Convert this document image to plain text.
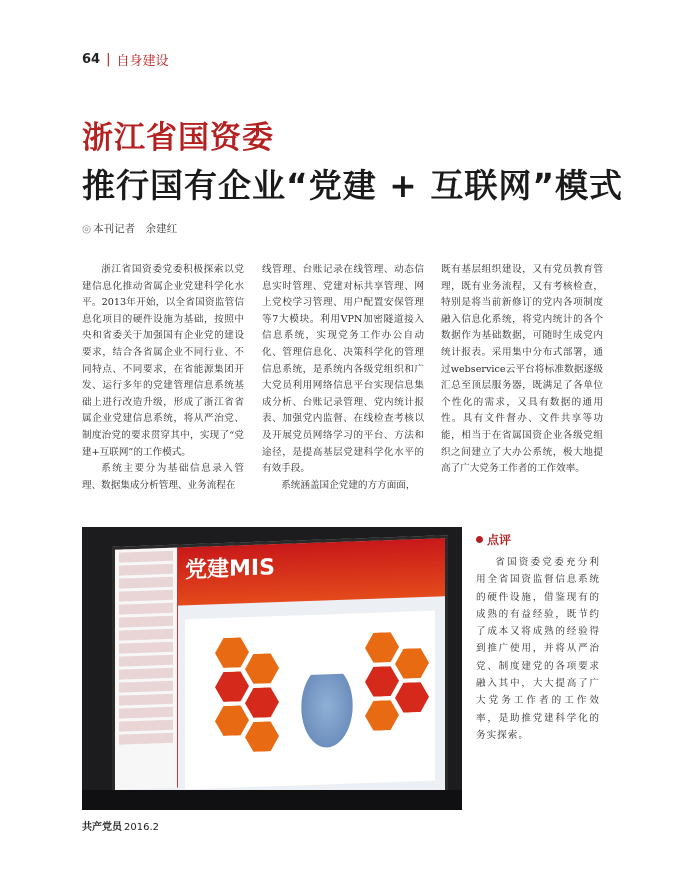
64 | 自身建设
浙江省国资委
推行国有企业“党建 + 互联网”模式
◎ 本刊记者　余建红

浙江省国资委党委积极探索以党建信息化推动省属企业党建科学化水平。2013年开始，以全省国资监管信息化项目的硬件设施为基础，按照中央和省委关于加强国有企业党的建设要求，结合各省属企业不同行业、不同特点、不同要求，在省能源集团开发、运行多年的党建管理信息系统基础上进行改造升级，形成了浙江省省属企业党建信息系统，将从严治党、制度治党的要求贯穿其中，实现了“党建+互联网”的工作模式。

系统主要分为基础信息录入管理、数据集成分析管理、业务流程在

线管理、台账记录在线管理、动态信息实时管理、党建对标共享管理、网上党校学习管理、用户配置安保管理等7大模块。利用VPN加密隧道接入信息系统，实现党务工作办公自动化、管理信息化、决策科学化的管理信息系统，是系统内各级党组织和广大党员利用网络信息平台实现信息集成分析、台账记录管理、党内统计报表、加强党内监督、在线检查考核以及开展党员网络学习的平台、方法和途径，是提高基层党建科学化水平的有效手段。

系统涵盖国企党建的方方面面，

既有基层组织建设，又有党员教育管理，既有业务流程，又有考核检查，特别是将当前新修订的党内各项制度融入信息化系统，将党内统计的各个数据作为基础数据，可随时生成党内统计报表。采用集中分布式部署，通过webservice云平台将标准数据逐级汇总至顶层服务器，既满足了各单位个性化的需求，又具有数据的通用性。具有文件督办、文件共享等功能，相当于在省属国资企业各级党组织之间建立了大办公系统，极大地提高了广大党务工作者的工作效率。

党建MIS
点评
省国资委党委充分利用全省国资监督信息系统的硬件设施，借鉴现有的成熟的有益经验，既节约了成本又将成熟的经验得到推广使用，并将从严治党、制度建党的各项要求融入其中，大大提高了广大党务工作者的工作效率，是助推党建科学化的务实探索。
共产党员 2016.2
